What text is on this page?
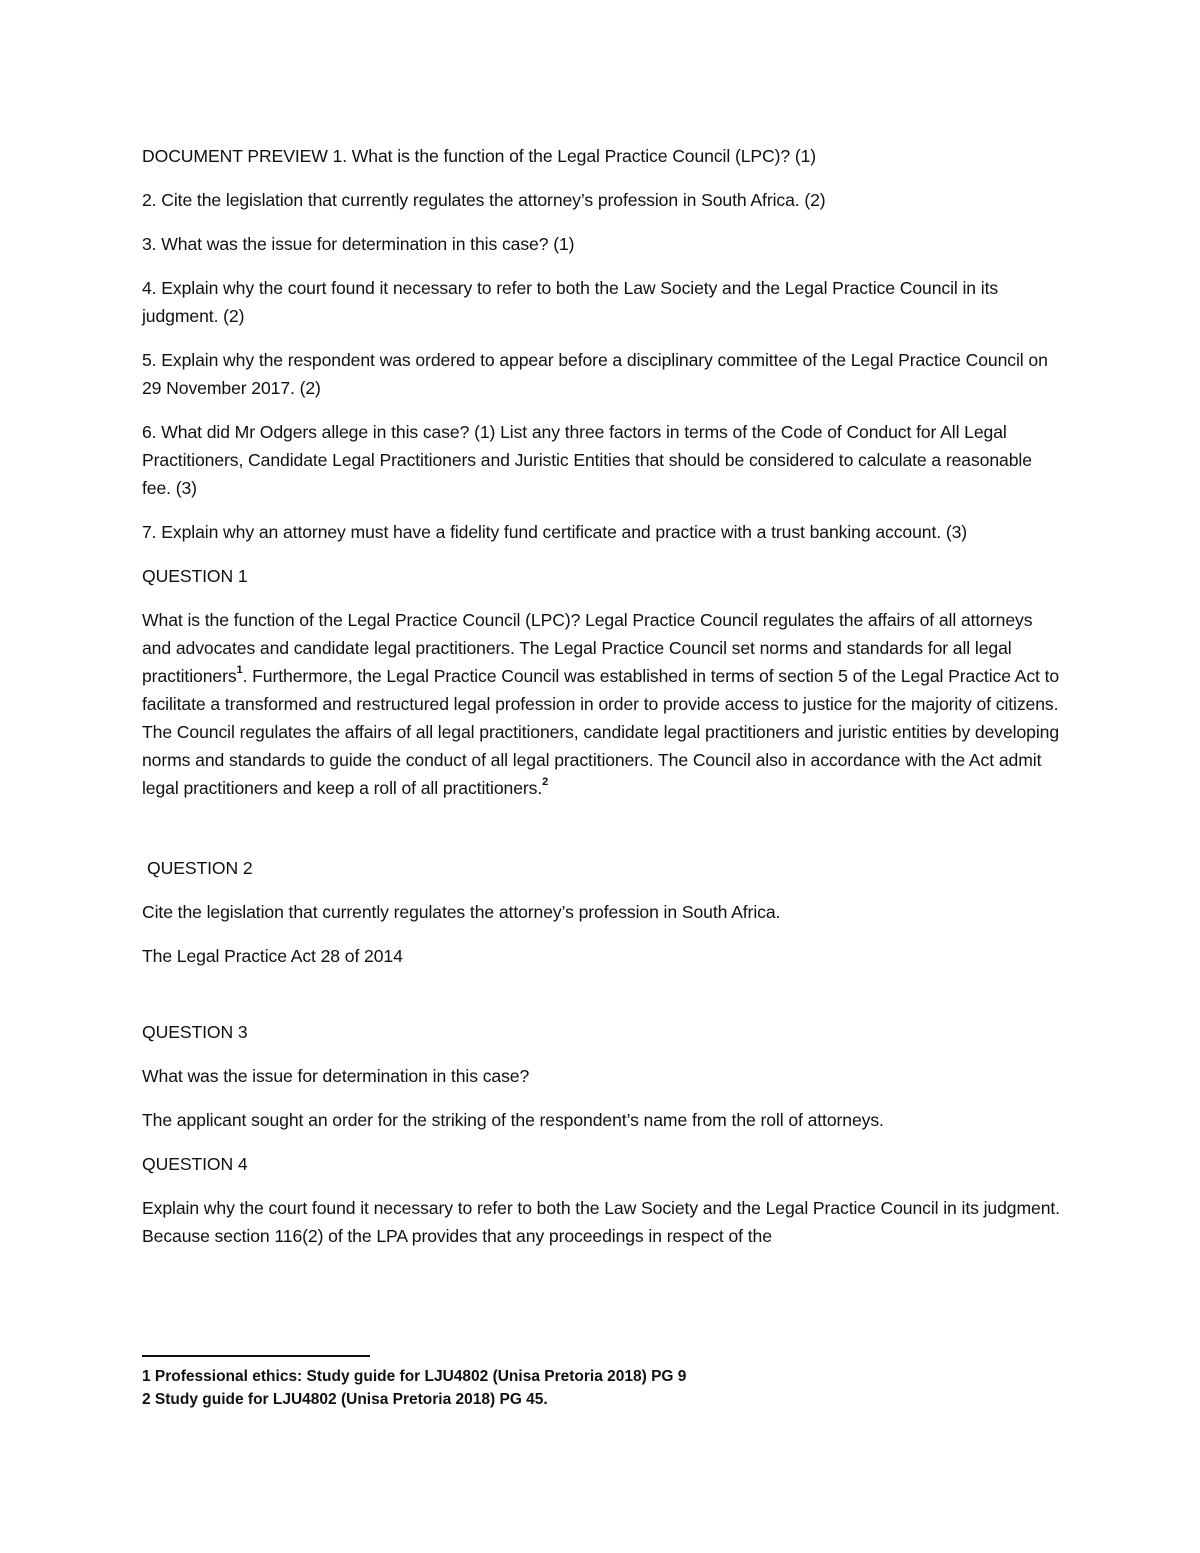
DOCUMENT PREVIEW 1. What is the function of the Legal Practice Council (LPC)? (1)

2. Cite the legislation that currently regulates the attorney’s profession in South Africa. (2)

3. What was the issue for determination in this case? (1)

4. Explain why the court found it necessary to refer to both the Law Society and the Legal Practice Council in its judgment. (2)

5. Explain why the respondent was ordered to appear before a disciplinary committee of the Legal Practice Council on 29 November 2017. (2)

6. What did Mr Odgers allege in this case? (1) List any three factors in terms of the Code of Conduct for All Legal Practitioners, Candidate Legal Practitioners and Juristic Entities that should be considered to calculate a reasonable fee. (3)

7. Explain why an attorney must have a fidelity fund certificate and practice with a trust banking account. (3)

QUESTION 1

What is the function of the Legal Practice Council (LPC)? Legal Practice Council regulates the affairs of all attorneys and advocates and candidate legal practitioners. The Legal Practice Council set norms and standards for all legal practitioners$^1$. Furthermore, the Legal Practice Council was established in terms of section 5 of the Legal Practice Act to facilitate a transformed and restructured legal profession in order to provide access to justice for the majority of citizens. The Council regulates the affairs of all legal practitioners, candidate legal practitioners and juristic entities by developing norms and standards to guide the conduct of all legal practitioners. The Council also in accordance with the Act admit legal practitioners and keep a roll of all practitioners.$^2$

QUESTION 2

Cite the legislation that currently regulates the attorney’s profession in South Africa.

The Legal Practice Act 28 of 2014

QUESTION 3

What was the issue for determination in this case?

The applicant sought an order for the striking of the respondent’s name from the roll of attorneys.

QUESTION 4

Explain why the court found it necessary to refer to both the Law Society and the Legal Practice Council in its judgment. Because section 116(2) of the LPA provides that any proceedings in respect of the

1 Professional ethics: Study guide for LJU4802 (Unisa Pretoria 2018) PG 9

2 Study guide for LJU4802 (Unisa Pretoria 2018) PG 45.
